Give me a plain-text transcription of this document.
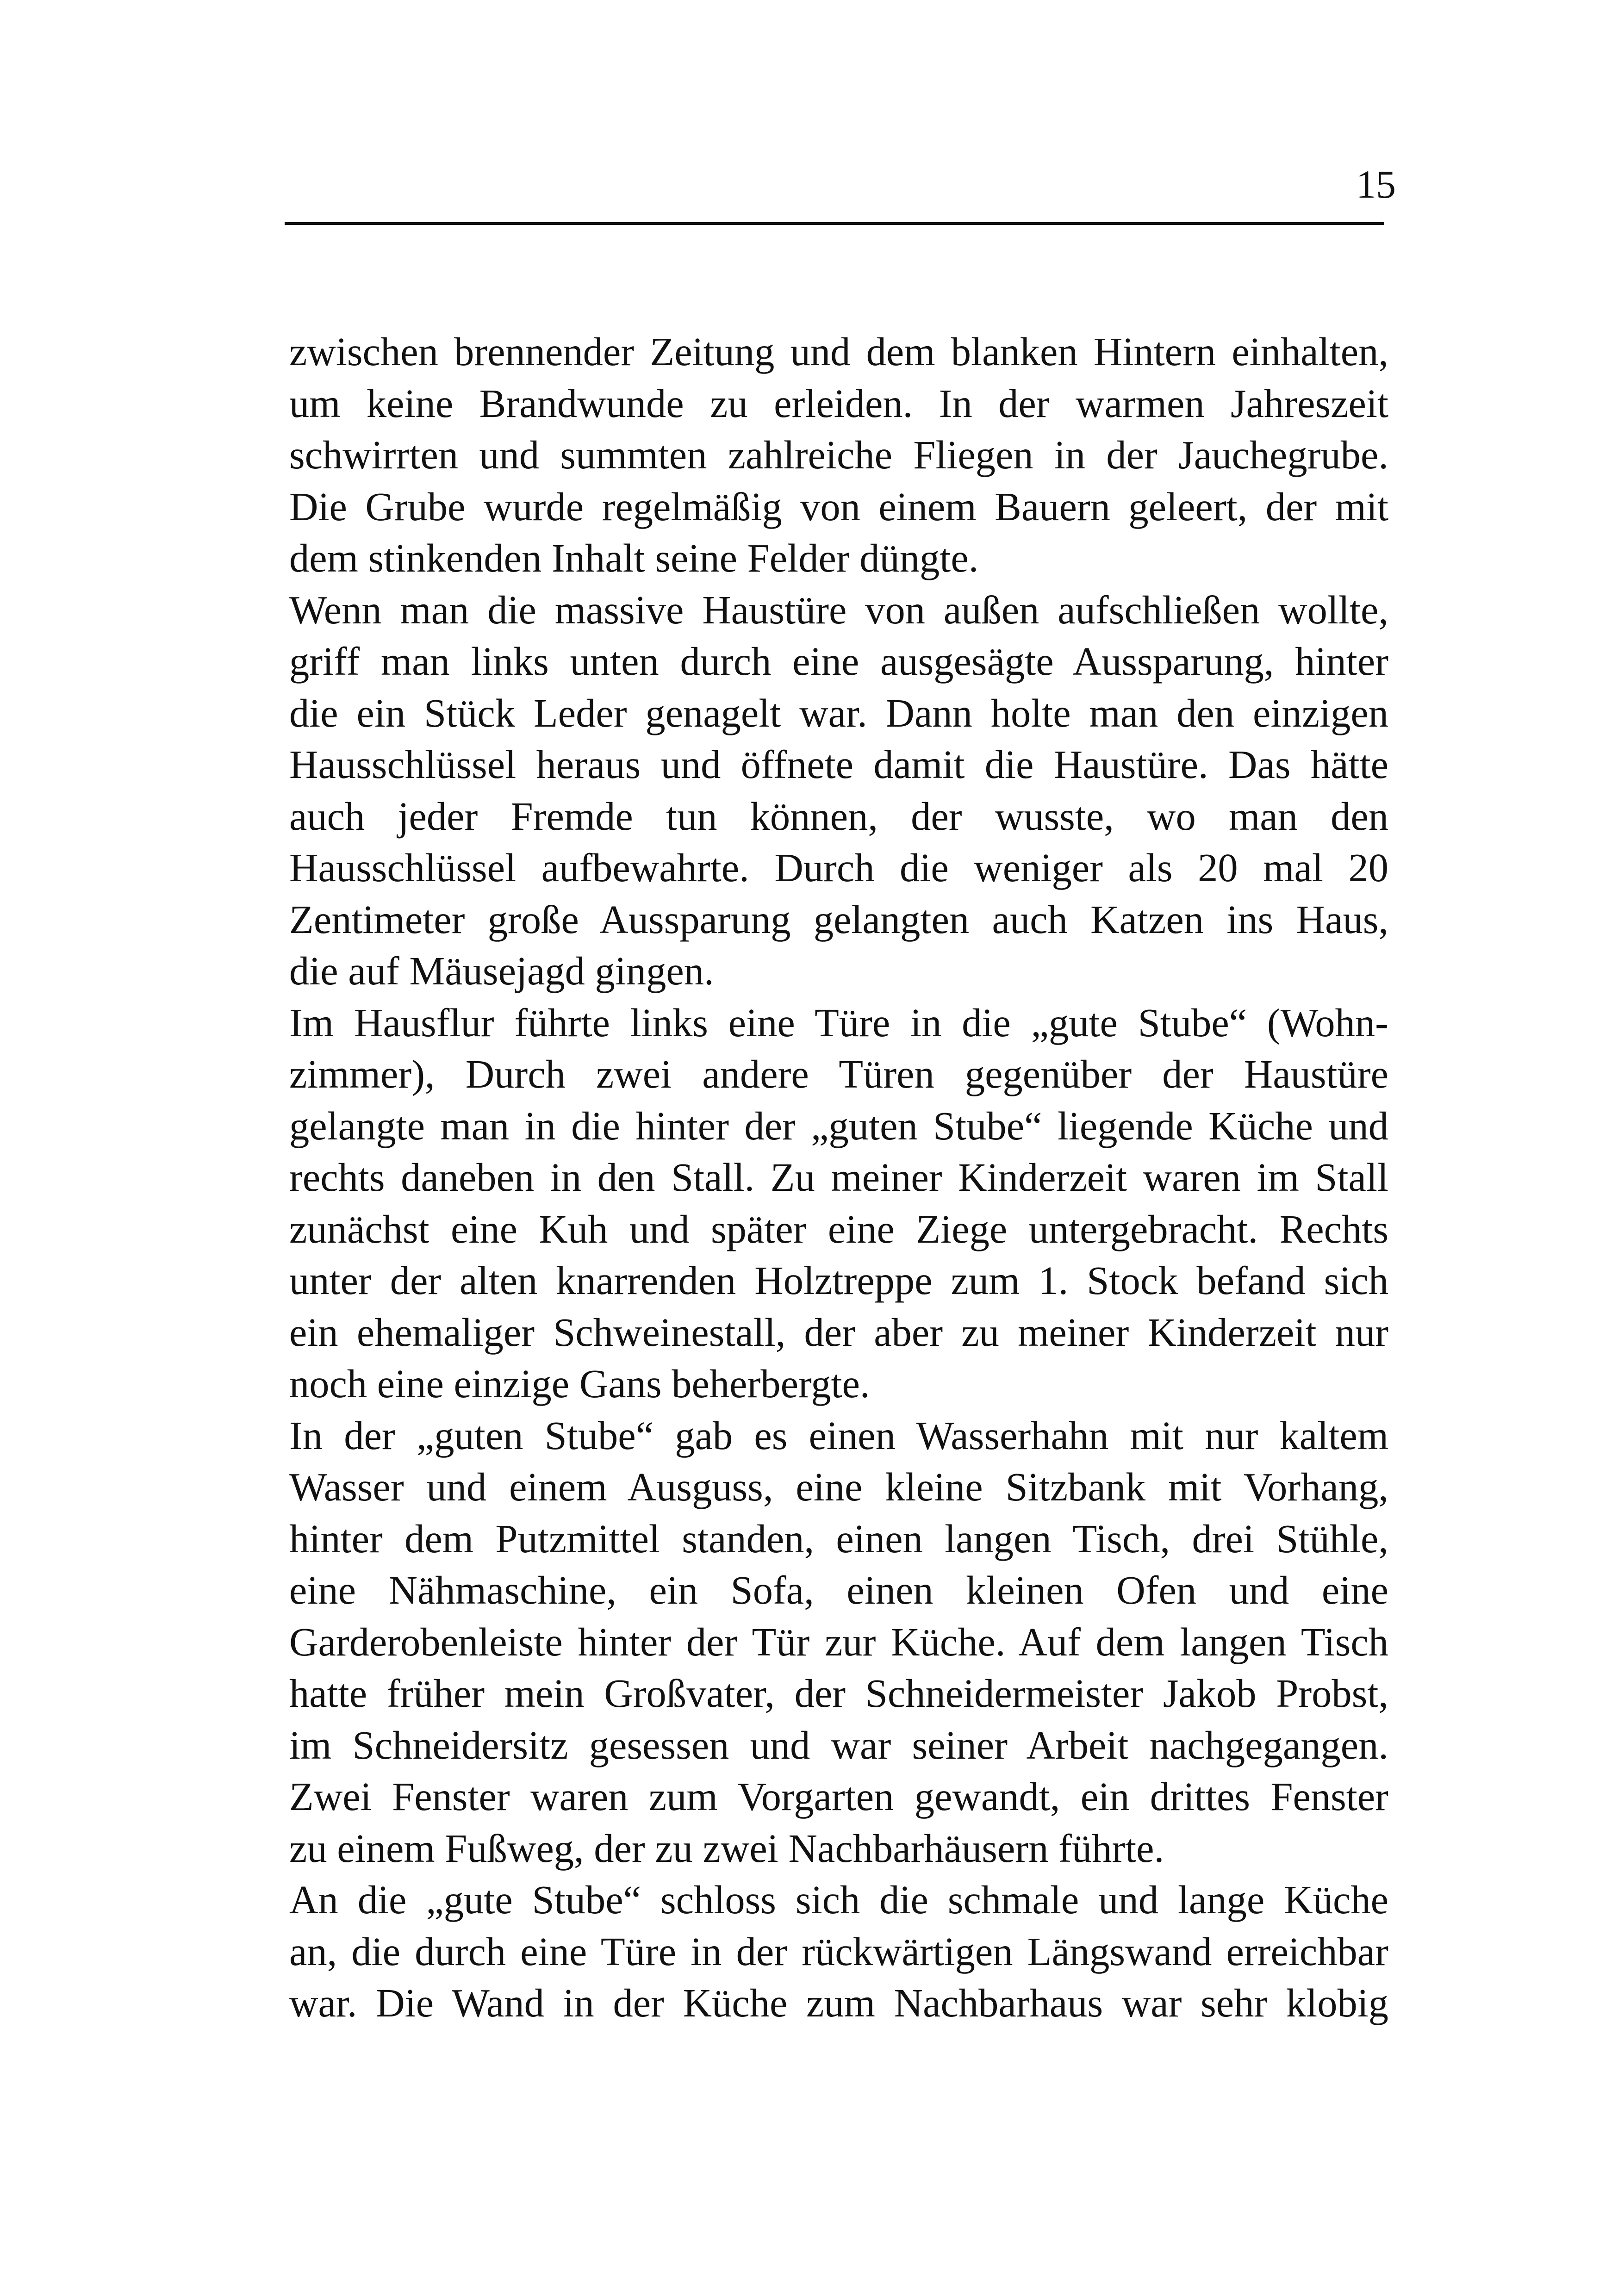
15
zwischen brennender Zeitung und dem blanken Hintern einhalten,
um keine Brandwunde zu erleiden. In der warmen Jahreszeit
schwirrten und summten zahlreiche Fliegen in der Jauchegrube.
Die Grube wurde regelmäßig von einem Bauern geleert, der mit
dem stinkenden Inhalt seine Felder düngte.
Wenn man die massive Haustüre von außen aufschließen wollte,
griff man links unten durch eine ausgesägte Aussparung, hinter
die ein Stück Leder genagelt war. Dann holte man den einzigen
Hausschlüssel heraus und öffnete damit die Haustüre. Das hätte
auch jeder Fremde tun können, der wusste, wo man den
Hausschlüssel aufbewahrte. Durch die weniger als 20 mal 20
Zentimeter große Aussparung gelangten auch Katzen ins Haus,
die auf Mäusejagd gingen.
Im Hausflur führte links eine Türe in die „gute Stube“ (Wohn-
zimmer), Durch zwei andere Türen gegenüber der Haustüre
gelangte man in die hinter der „guten Stube“ liegende Küche und
rechts daneben in den Stall. Zu meiner Kinderzeit waren im Stall
zunächst eine Kuh und später eine Ziege untergebracht. Rechts
unter der alten knarrenden Holztreppe zum 1. Stock befand sich
ein ehemaliger Schweinestall, der aber zu meiner Kinderzeit nur
noch eine einzige Gans beherbergte.
In der „guten Stube“ gab es einen Wasserhahn mit nur kaltem
Wasser und einem Ausguss, eine kleine Sitzbank mit Vorhang,
hinter dem Putzmittel standen, einen langen Tisch, drei Stühle,
eine Nähmaschine, ein Sofa, einen kleinen Ofen und eine
Garderobenleiste hinter der Tür zur Küche. Auf dem langen Tisch
hatte früher mein Großvater, der Schneidermeister Jakob Probst,
im Schneidersitz gesessen und war seiner Arbeit nachgegangen.
Zwei Fenster waren zum Vorgarten gewandt, ein drittes Fenster
zu einem Fußweg, der zu zwei Nachbarhäusern führte.
An die „gute Stube“ schloss sich die schmale und lange Küche
an, die durch eine Türe in der rückwärtigen Längswand erreichbar
war. Die Wand in der Küche zum Nachbarhaus war sehr klobig
